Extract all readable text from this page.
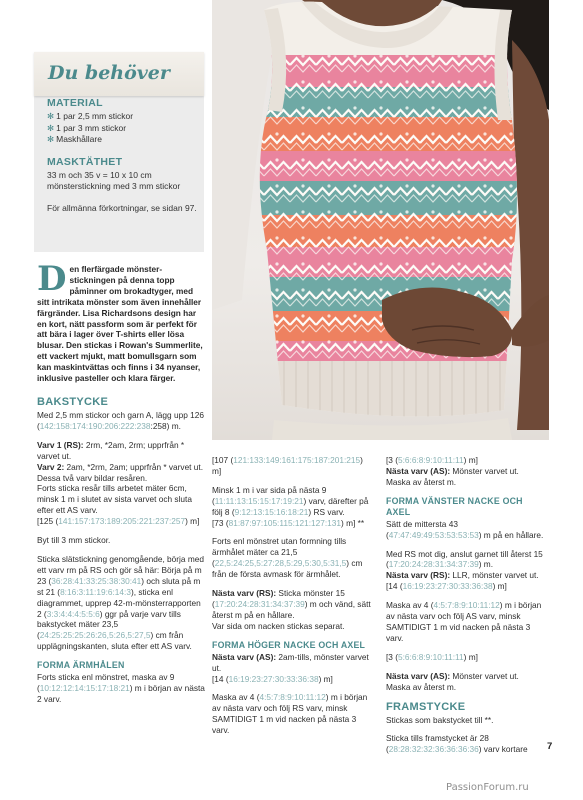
Du behöver
MATERIAL
✻ 1 par 2,5 mm stickor
✻ 1 par 3 mm stickor
✻ Maskhållare
MASKTÄTHET
33 m och 35 v = 10 x 10 cm mönsterstickning med 3 mm stickor
För allmänna förkortningar, se sidan 97.
D en flerfärgade mönster-stickningen på denna topp påminner om brokadtyger, med sitt intrikata mönster som även innehåller färgränder. Lisa Richardsons design har en kort, nätt passform som är perfekt för att bära i lager över T-shirts eller lösa blusar. Den stickas i Rowan's Summerlite, ett vackert mjukt, matt bomullsgarn som kan maskintvättas och finns i 34 nyanser, inklusive pasteller och klara färger.
BAKSTYCKE

Med 2,5 mm stickor och garn A, lägg upp 126 (142:158:174:190:206:222:238:258) m.

Varv 1 (RS): 2rm, *2am, 2rm; upprfrån * varvet ut.

Varv 2: 2am, *2rm, 2am; upprfrån * varvet ut.

Dessa två varv bildar resåren.

Forts sticka resår tills arbetet mäter 6cm, minsk 1 m i slutet av sista varvet och sluta efter ett AS varv.

[125 (141:157:173:189:205:221:237:257) m]

Byt till 3 mm stickor.

Sticka slätstickning genomgående, börja med ett varv rm på RS och gör så här: Börja på m 23 (36:28:41:33:25:38:30:41) och sluta på m st 21 (8:16:3:11:19:6:14:3), sticka enl diagrammet, upprep 42-m-mönsterrapporten 2 (3:3:4:4:4:5:5:6) ggr på varje varv tills bakstycket mäter 23,5 (24:25:25:25:26:26,5:26,5:27,5) cm från upplägningskanten, sluta efter ett AS varv.

FORMA ÄRMHÅLEN

Forts sticka enl mönstret, maska av 9 (10:12:12:14:15:17:18:21) m i början av nästa 2 varv.

[107 (121:133:149:161:175:187:201:215) m]

Minsk 1 m i var sida på nästa 9 (11:11:13:15:15:17:19:21) varv, därefter på följ 8 (9:12:13:15:16:18:21) RS varv.

[73 (81:87:97:105:115:121:127:131) m] **

Forts enl mönstret utan formning tills ärmhålet mäter ca 21,5 (22,5:24:25,5:27:28,5:29,5:30,5:31,5) cm från de första avmask för ärmhålet.

Nästa varv (RS): Sticka mönster 15 (17:20:24:28:31:34:37:39) m och vänd, sätt återst m på en hållare.
Var sida om nacken stickas separat.

FORMA HÖGER NACKE OCH AXEL

Nästa varv (AS): 2am-tills, mönster varvet ut.

[14 (16:19:23:27:30:33:36:38) m]

Maska av 4 (4:5:7:8:9:10:11:12) m i början av nästa varv och följ RS varv, minsk SAMTIDIGT 1 m vid nacken på nästa 3 varv.

[3 (5:6:6:8:9:10:11:11) m]

Nästa varv (AS): Mönster varvet ut.
Maska av återst m.

FORMA VÄNSTER NACKE OCH AXEL

Sätt de mittersta 43 (47:47:49:49:53:53:53:53) m på en hållare.

Med RS mot dig, anslut garnet till återst 15 (17:20:24:28:31:34:37:39) m.

Nästa varv (RS): LLR, mönster varvet ut.

[14 (16:19:23:27:30:33:36:38) m]

Maska av 4 (4:5:7:8:9:10:11:12) m i början av nästa varv och följ AS varv, minsk SAMTIDIGT 1 m vid nacken på nästa 3 varv.

[3 (5:6:6:8:9:10:11:11) m]

Nästa varv (AS): Mönster varvet ut.
Maska av återst m.

FRAMSTYCKE

Stickas som bakstycket till **.

Sticka tills framstycket är 28 (28:28:32:32:36:36:36:36) varv kortare	7
PassionForum.ru
